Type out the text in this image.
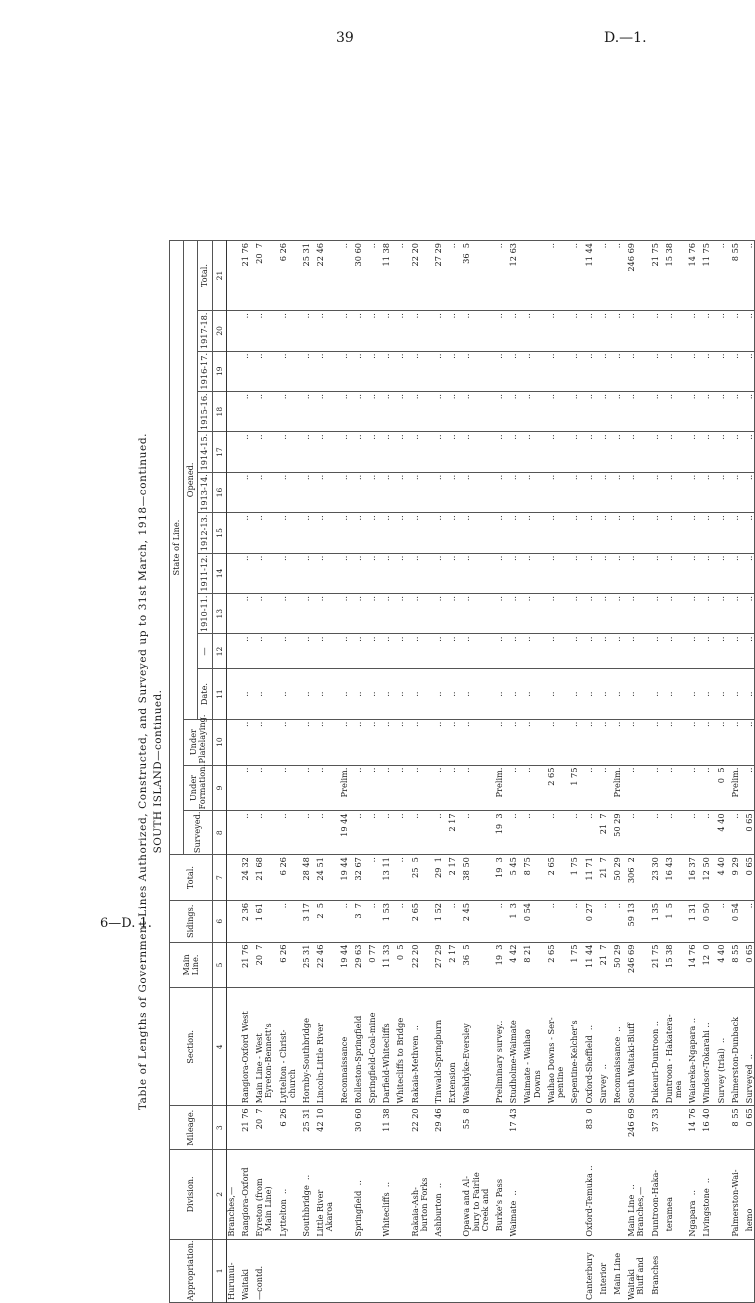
39	D.—1.
6—D. 1.
Table of Lengths of Government Lines Authorized, Constructed, and Surveyed up to 31st March, 1918—continued. SOUTH ISLAND—continued.
Appropriation.	Division.	Mileage.	Section.	Main Line.	Sidings.	Total.	State of Line.													
							Surveyed.	Under Formation.	Under Platelaying.	Opened.										
										Date.	—	1910-11.	1911-12.	1912-13.	1913-14.	1914-15.	1915-16.	1916-17.	1917-18.	Total.
1	2	3	4	5	6	7	8	9	10	11	12	13	14	15	16	17	18	19	20	21
Hurunui-	Branches,—																			
Waitaki	Rangiora-Oxford	21 76	Rangiora-Oxford West	21 76	2 36	24 32	..	..	..	..	..	..	..	..	..	..	..	..	..	21 76
—contd.	Eyreton (from	20  7	Main Line - West	20  7	1 61	21 68	..	..	..	..	..	..	..	..	..	..	..	..	..	20  7
	Main Line)		Eyreton-Bennett's																	
	Lyttelton  ..	6 26	Lyttelton - Christ-	6 26	..	6 26	..	..	..	..	..	..	..	..	..	..	..	..	..	6 26
			church																	
	Southbridge  ..	25 31	Hornby-Southbridge	25 31	3 17	28 48	..	..	..	..	..	..	..	..	..	..	..	..	..	25 31
	Little River	42 10	Lincoln-Little River	22 46	2  5	24 51	..	..	..	..	..	..	..	..	..	..	..	..	..	22 46
	Akaroa																			
			Reconnaissance	19 44	..	19 44	19 44	Prelim.	..	..	..	..	..	..	..	..	..	..	..	..
	Springfield  ..	30 60	Rolleston-Springfield	29 63	3  7	32 67	..	..	..	..	..	..	..	..	..	..	..	..	..	30 60
			Springfield-Coal-mine	0 77	..	..	..	..	..	..	..	..	..	..	..	..	..	..	..	..
	Whitecliffs  ..	11 38	Darfield-Whitecliffs	11 33	1 53	13 11	..	..	..	..	..	..	..	..	..	..	..	..	..	11 38
			Whitecliffs to Bridge	0  5	..	..	..	..	..	..	..	..	..	..	..	..	..	..	..	..
	Rakaia-Ash-	22 20	Rakaia-Methven  ..	22 20	2 65	25  5	..	..	..	..	..	..	..	..	..	..	..	..	..	22 20
	burton Forks																			
	Ashburton  ..	29 46	Tinwald-Springburn	27 29	1 52	29  1	..	..	..	..	..	..	..	..	..	..	..	..	..	27 29
			Extension	2 17	..	2 17	2 17	..	..	..	..	..	..	..	..	..	..	..	..	..
	Opawa and Al-	55  8	Washdyke-Eversley	36  5	2 45	38 50	..	..	..	..	..	..	..	..	..	..	..	..	..	36  5
	bury to Fairlie																			
	Creek and																			
	Burke's Pass		Preliminary survey..	19  3	..	19  3	19  3	Prelim.	..	..	..	..	..	..	..	..	..	..	..	..
	Waimate  ..	17 43	Studholme-Waimate	4 42	1  3	5 45	..	..	..	..	..	..	..	..	..	..	..	..	..	12 63
			Waimate - Waihao	8 21	0 54	8 75	..	..	..	..	..	..	..	..	..	..	..	..	..	
			Downs																	
			Waihao Downs - Ser-	2 65	..	2 65	..	2 65	..	..	..	..	..	..	..	..	..	..	..	..
			pentine																	
			Sepentine-Kelcher's	1 75	..	1 75	..	1 75	..	..	..	..	..	..	..	..	..	..	..	..
Canterbury	Oxford-Temuka ..	83  0	Oxford-Sheffield  ..	11 44	0 27	11 71	..	..	..	..	..	..	..	..	..	..	..	..	..	11 44
Interior			Survey  ..	21  7	..	21  7	21  7	..	..	..	..	..	..	..	..	..	..	..	..	..
Main Line			Reconnaissance  ..	50 29	..	50 29	50 29	Prelim.	..	..	..	..	..	..	..	..	..	..	..	..
Waitaki	Main Line  ..	246 69	South Waitaki-Bluff	246 69	59 13	306  2	..	..	..	..	..	..	..	..	..	..	..	..	..	246 69
Bluff and	Branches,—																			
Branches	Duntroon-Haka-	37 33	Pukeuri-Duntroon ..	21 75	1 35	23 30	..	..	..	..	..	..	..	..	..	..	..	..	..	21 75
	teramea		Duntroon - Hakatera-	15 38	1  5	16 43	..	..	..	..	..	..	..	..	..	..	..	..	..	15 38
			mea																	
	Ngapara  ..	14 76	Waiareka-Ngapara ..	14 76	1 31	16 37	..	..	..	..	..	..	..	..	..	..	..	..	..	14 76
	Livingstone  ..	16 40	Windsor-Tokarahi ..	12  0	0 50	12 50	..	..	..	..	..	..	..	..	..	..	..	..	..	11 75
			Survey (trial)  ..	4 40	..	4 40	4 40	0  5	..	..	..	..	..	..	..	..	..	..	..	..
	Palmerston-Wai-	8 55	Palmerston-Dunback	8 55	0 54	9 29	..	Prelim.	..	..	..	..	..	..	..	..	..	..	..	8 55
	hemo	0 65	Surveyed  ..	0 65	..	0 65	0 65	..	..	..	..	..	..	..	..	..	..	..	..	..
